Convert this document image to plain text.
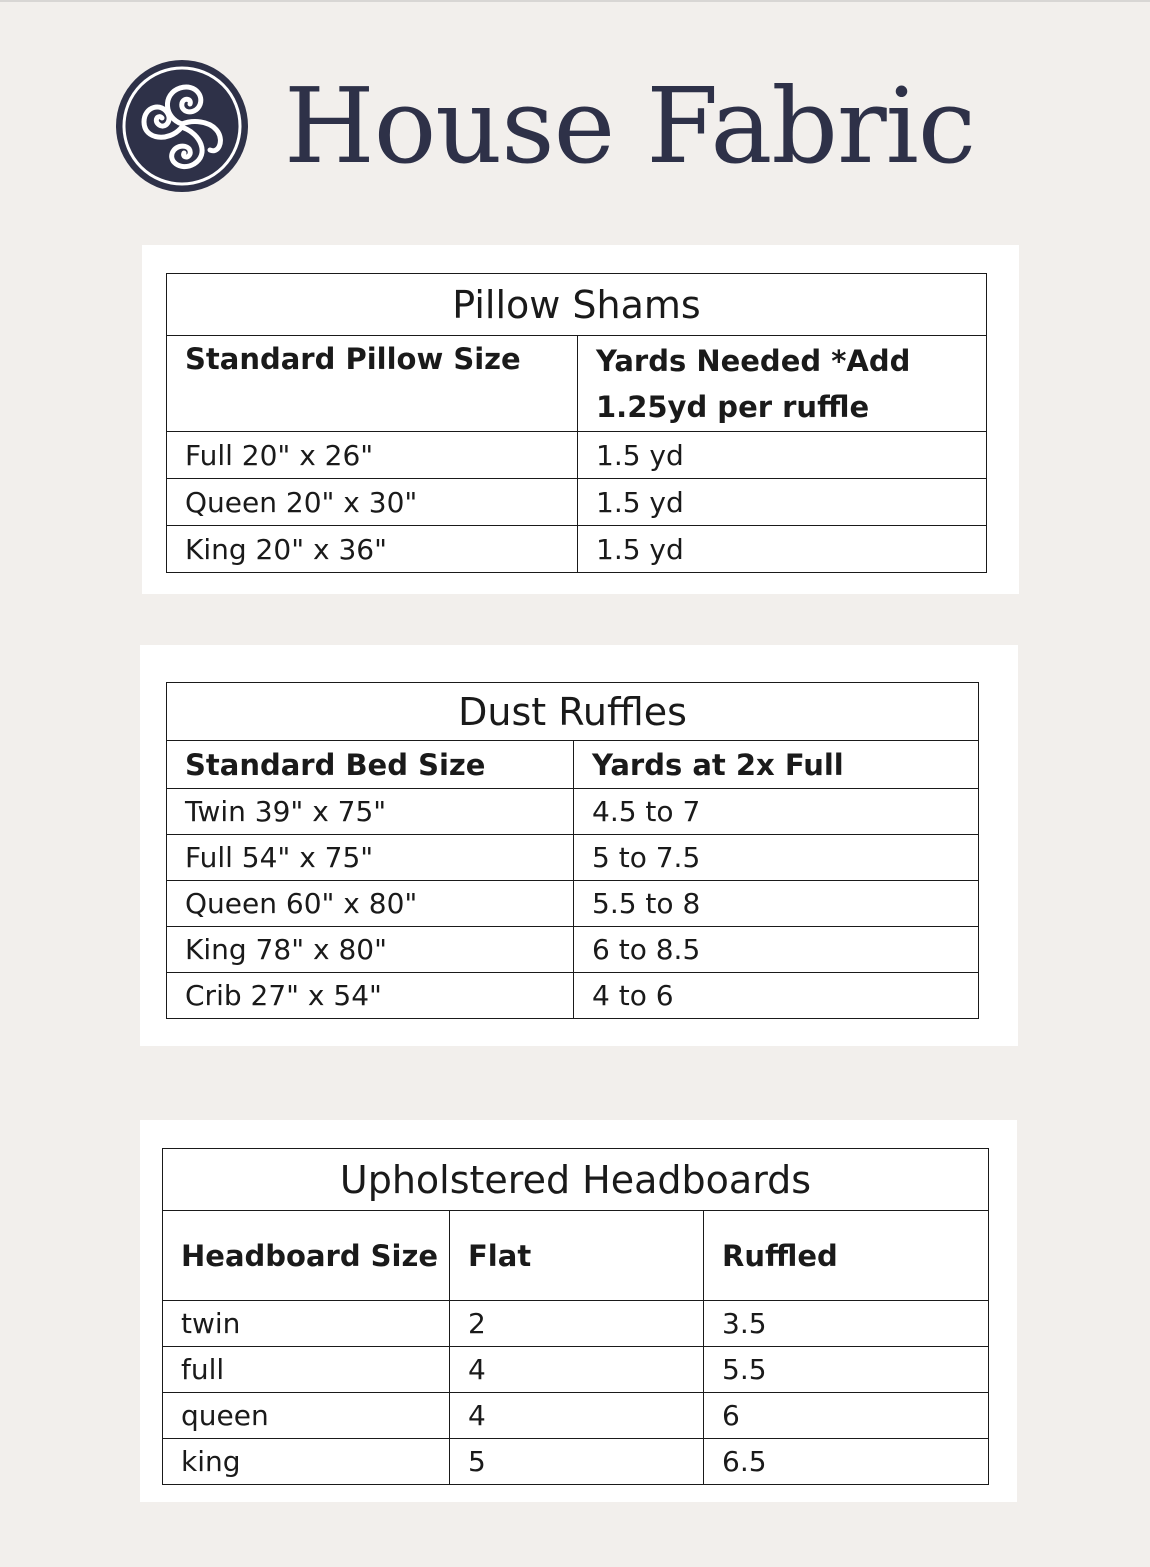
House Fabric
Pillow Shams	
Standard Pillow Size	Yards Needed *Add 1.25yd per ruffle
Full 20" x 26"	1.5 yd
Queen 20" x 30"	1.5 yd
King 20" x 36"	1.5 yd
Dust Ruffles	
Standard Bed Size	Yards at 2x Full
Twin 39" x 75"	4.5 to 7
Full 54" x 75"	5 to 7.5
Queen 60" x 80"	5.5 to 8
King 78" x 80"	6 to 8.5
Crib 27" x 54"	4 to 6
Upholstered Headboards		
Headboard Size	Flat	Ruffled
twin	2	3.5
full	4	5.5
queen	4	6
king	5	6.5
